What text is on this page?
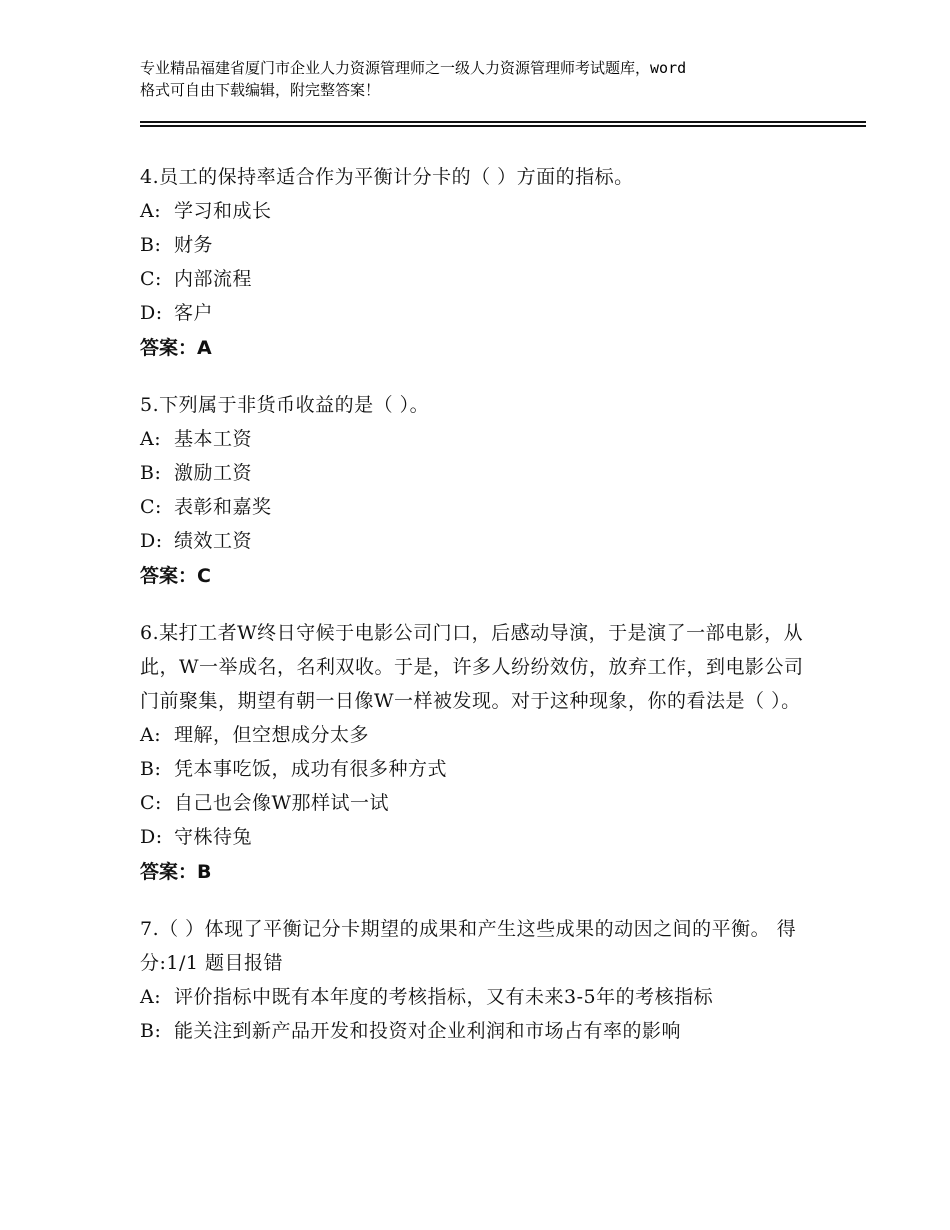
专业精品福建省厦门市企业人力资源管理师之一级人力资源管理师考试题库，word
格式可自由下载编辑，附完整答案！
4.员工的保持率适合作为平衡计分卡的（ ）方面的指标。
A: 学习和成长
B: 财务
C: 内部流程
D: 客户
答案：A
5.下列属于非货币收益的是（ ）。
A: 基本工资
B: 激励工资
C: 表彰和嘉奖
D: 绩效工资
答案：C
6.某打工者W终日守候于电影公司门口，后感动导演，于是演了一部电影，从此，W一举成名，名利双收。于是，许多人纷纷效仿，放弃工作，到电影公司门前聚集，期望有朝一日像W一样被发现。对于这种现象，你的看法是（ ）。
A: 理解，但空想成分太多
B: 凭本事吃饭，成功有很多种方式
C: 自己也会像W那样试一试
D: 守株待兔
答案：B
7.（ ）体现了平衡记分卡期望的成果和产生这些成果的动因之间的平衡。 得分:1/1 题目报错
A: 评价指标中既有本年度的考核指标，又有未来3-5年的考核指标
B: 能关注到新产品开发和投资对企业利润和市场占有率的影响
